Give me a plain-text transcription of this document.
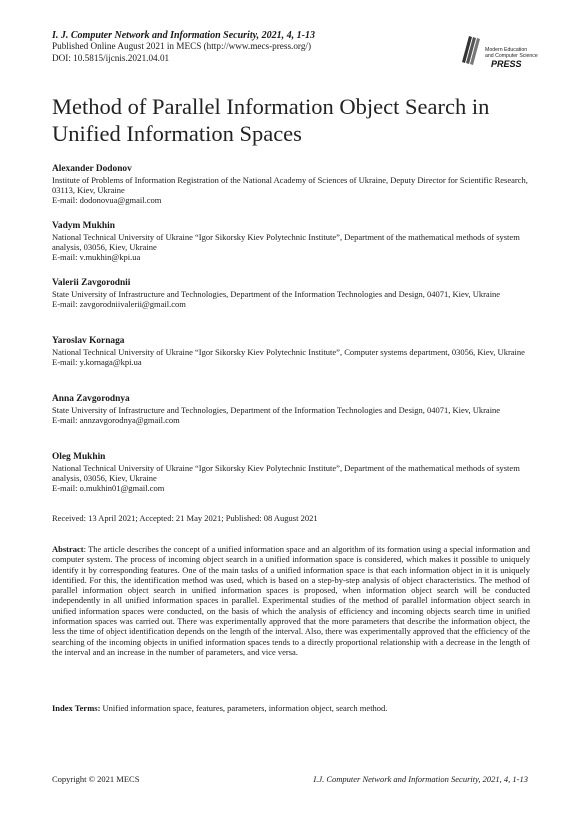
I. J. Computer Network and Information Security, 2021, 4, 1-13
Published Online August 2021 in MECS (http://www.mecs-press.org/)
DOI: 10.5815/ijcnis.2021.04.01
Modern Education
and Computer Science
PRESS
Method of Parallel Information Object Search in Unified Information Spaces
Alexander Dodonov
Institute of Problems of Information Registration of the National Academy of Sciences of Ukraine, Deputy Director for Scientific Research, 03113, Kiev, Ukraine
E-mail: dodonovua@gmail.com
Vadym Mukhin
National Technical University of Ukraine “Igor Sikorsky Kiev Polytechnic Institute”, Department of the mathematical methods of system analysis, 03056, Kiev, Ukraine
E-mail: v.mukhin@kpi.ua
Valerii Zavgorodnii
State University of Infrastructure and Technologies, Department of the Information Technologies and Design, 04071, Kiev, Ukraine
E-mail: zavgorodniivalerii@gmail.com
Yaroslav Kornaga
National Technical University of Ukraine “Igor Sikorsky Kiev Polytechnic Institute”, Computer systems department, 03056, Kiev, Ukraine
E-mail: y.kornaga@kpi.ua
Anna Zavgorodnya
State University of Infrastructure and Technologies, Department of the Information Technologies and Design, 04071, Kiev, Ukraine
E-mail: annzavgorodnya@gmail.com
Oleg Mukhin
National Technical University of Ukraine “Igor Sikorsky Kiev Polytechnic Institute”, Department of the mathematical methods of system analysis, 03056, Kiev, Ukraine
E-mail: o.mukhin01@gmail.com
Received: 13 April 2021; Accepted: 21 May 2021; Published: 08 August 2021
Abstract: The article describes the concept of a unified information space and an algorithm of its formation using a special information and computer system. The process of incoming object search in a unified information space is considered, which makes it possible to uniquely identify it by corresponding features. One of the main tasks of a unified information space is that each information object in it is uniquely identified. For this, the identification method was used, which is based on a step-by-step analysis of object characteristics. The method of parallel information object search in unified information spaces is proposed, when information object search will be conducted independently in all unified information spaces in parallel. Experimental studies of the method of parallel information object search in unified information spaces were conducted, on the basis of which the analysis of efficiency and incoming objects search time in unified information spaces was carried out. There was experimentally approved that the more parameters that describe the information object, the less the time of object identification depends on the length of the interval. Also, there was experimentally approved that the efficiency of the searching of the incoming objects in unified information spaces tends to a directly proportional relationship with a decrease in the length of the interval and an increase in the number of parameters, and vice versa.
Index Terms: Unified information space, features, parameters, information object, search method.
Copyright © 2021 MECS	I.J. Computer Network and Information Security, 2021, 4, 1-13
